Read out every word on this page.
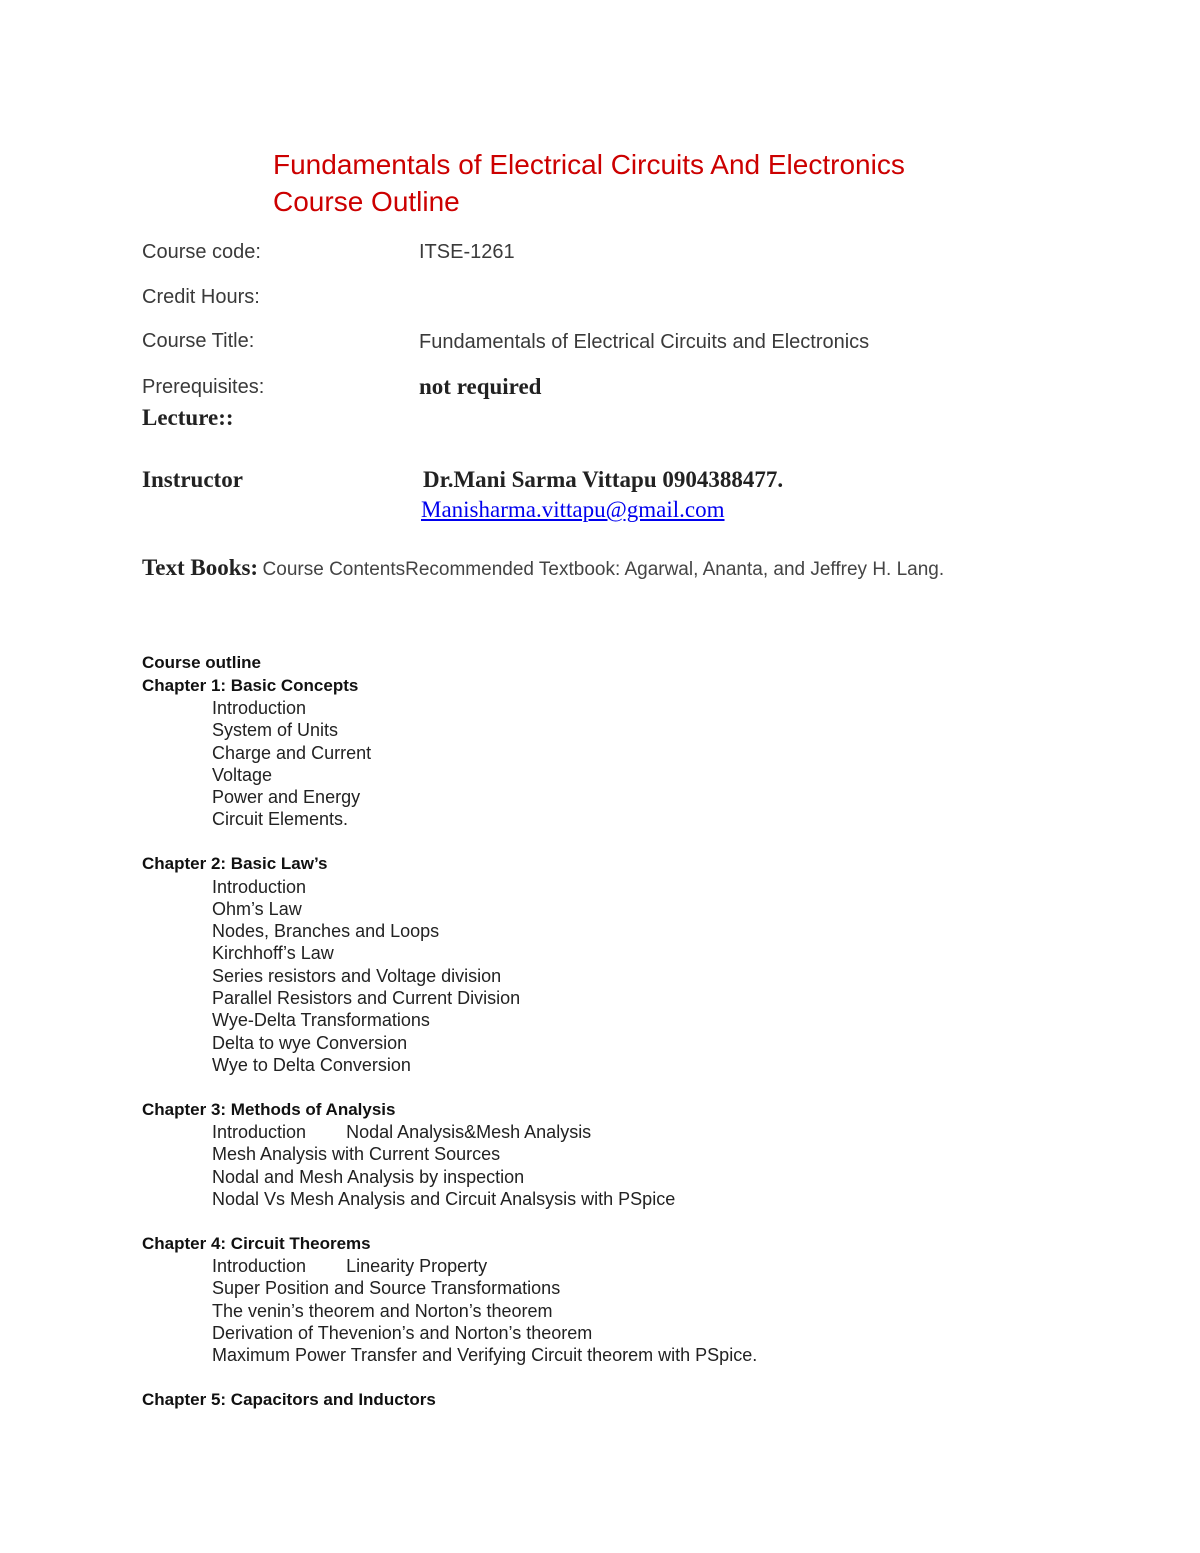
Fundamentals of Electrical Circuits And Electronics
Course Outline
Course code:	ITSE-1261
Credit Hours:
Course Title:	Fundamentals of Electrical Circuits and Electronics
Prerequisites:	not required
Lecture::
Instructor	Dr.Mani Sarma Vittapu 0904388477.
Manisharma.vittapu@gmail.com
Text Books: Course ContentsRecommended Textbook: Agarwal, Ananta, and Jeffrey H. Lang.
Course outline
Chapter 1: Basic Concepts
Introduction
System of Units
Charge and Current
Voltage
Power and Energy
Circuit Elements.
Chapter 2: Basic Law’s
Introduction
Ohm’s Law
Nodes, Branches and Loops
Kirchhoff’s Law
Series resistors and Voltage division
Parallel Resistors and Current Division
Wye-Delta Transformations
Delta to wye Conversion
Wye to Delta Conversion
Chapter 3: Methods of Analysis
Introduction        Nodal Analysis&Mesh Analysis
Mesh Analysis with Current Sources
Nodal and Mesh Analysis by inspection
Nodal Vs Mesh Analysis and Circuit Analsysis with PSpice
Chapter 4: Circuit Theorems
Introduction        Linearity Property
Super Position and Source Transformations
The venin’s theorem and Norton’s theorem
Derivation of Thevenion’s and Norton’s theorem
Maximum Power Transfer and Verifying Circuit theorem with PSpice.
Chapter 5: Capacitors and Inductors
